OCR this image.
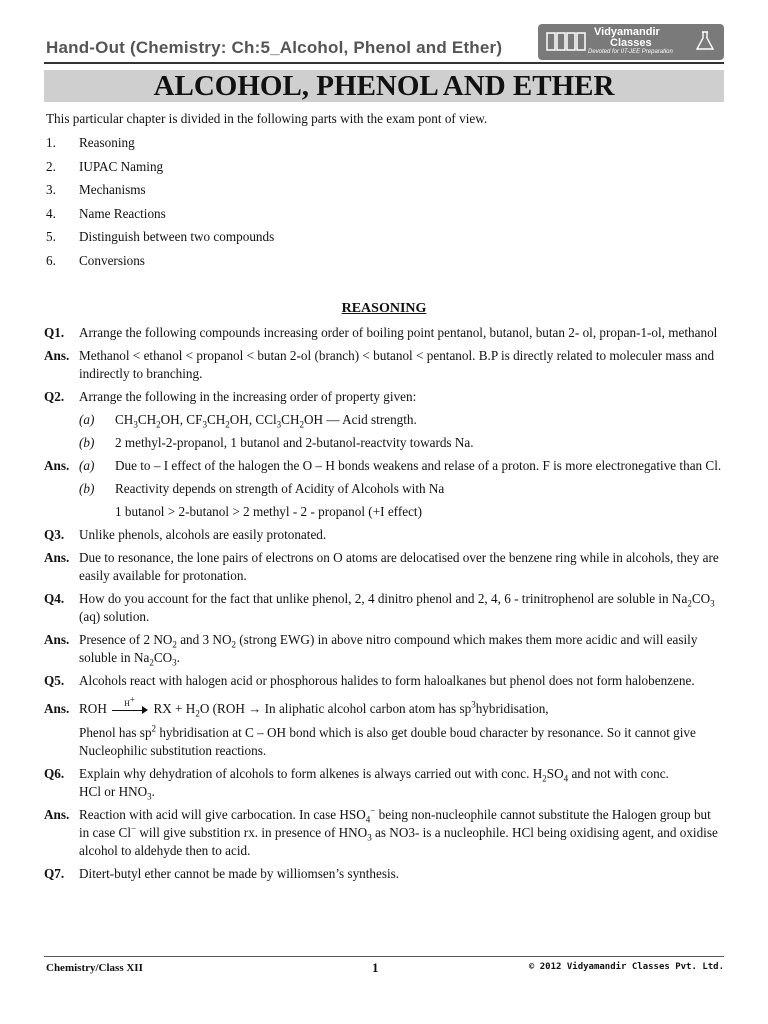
Hand-Out (Chemistry: Ch:5_Alcohol, Phenol and Ether)
Vidyamandir
Classes
Devoted for IIT-JEE Preparation
ALCOHOL, PHENOL AND ETHER

This particular chapter is divided in the following parts with the exam pont of view.

1. Reasoning
2. IUPAC Naming
3. Mechanisms
4. Name Reactions
5. Distinguish between two compounds
6. Conversions
REASONING
Q1. Arrange the following compounds increasing order of boiling point pentanol, butanol, butan 2- ol, propan-1-ol, methanol
Ans. Methanol < ethanol < propanol < butan 2-ol (branch) < butanol < pentanol. B.P is directly related to moleculer mass and indirectly to branching.
Q2. Arrange the following in the increasing order of property given:
(a) $CH_3CH_2OH$, $CF_3CH_2OH$, $CCl_3CH_2OH$ — Acid strength.
(b) 2 methyl-2-propanol, 1 butanol and 2-butanol-reactvity towards Na.
Ans. (a) Due to – I effect of the halogen the O – H bonds weakens and relase of a proton. F is more electronegative than Cl.
(b) Reactivity depends on strength of Acidity of Alcohols with Na
1 butanol > 2-butanol > 2 methyl - 2 - propanol (+I effect)
Q3. Unlike phenols, alcohols are easily protonated.
Ans. Due to resonance, the lone pairs of electrons on O atoms are delocatised over the benzene ring while in alcohols, they are easily available for protonation.
Q4. How do you account for the fact that unlike phenol, 2, 4 dinitro phenol and 2, 4, 6 - trinitrophenol are soluble in $Na_2CO_3$ (aq) solution.
Ans. Presence of 2 $NO_2$ and 3 $NO_2$ (strong EWG) in above nitro compound which makes them more acidic and will easily soluble in $Na_2CO_3$.
Q5. Alcohols react with halogen acid or phosphorous halides to form haloalkanes but phenol does not form halobenzene.
Ans. ROH H+
RX + $H_2O$ (ROH → In aliphatic alcohol carbon atom has $sp^3hybridisation$,
Phenol has $sp^2$ hybridisation at C – OH bond which is also get double boud character by resonance. So it cannot give Nucleophilic substitution reactions.
Q6. Explain why dehydration of alcohols to form alkenes is always carried out with conc. $H_2SO_4$ and not with conc.
HCl or $HNO_3$.
Ans. Reaction with acid will give carbocation. In case $HSO_4^-$ being non-nucleophile cannot substitute the Halogen group but in case Cl− will give substition rx. in presence of $HNO_3$ as NO3- is a nucleophile. HCl being oxidising agent, and oxidise alcohol to aldehyde then to acid.
Q7. Ditert-butyl ether cannot be made by williomsen’s synthesis.
Chemistry/Class XII	1	© 2012 Vidyamandir Classes Pvt. Ltd.
